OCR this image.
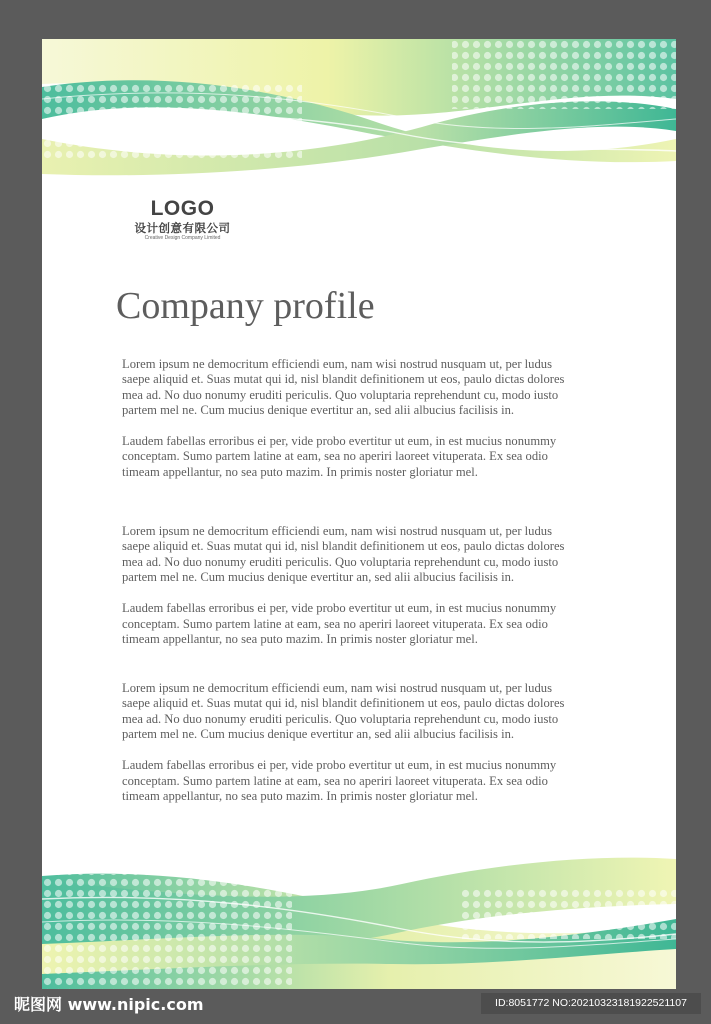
LOGO
设计创意有限公司
Creative Design Company Limited
Company profile

Lorem ipsum ne democritum efficiendi eum, nam wisi nostrud nusquam ut, per ludus
saepe aliquid et. Suas mutat qui id, nisl blandit definitionem ut eos, paulo dictas dolores
mea ad. No duo nonumy eruditi periculis. Quo voluptaria reprehendunt cu, modo iusto
partem mel ne. Cum mucius denique evertitur an, sed alii albucius facilisis in.

Laudem fabellas erroribus ei per, vide probo evertitur ut eum, in est mucius nonummy
conceptam. Sumo partem latine at eam, sea no aperiri laoreet vituperata. Ex sea odio
timeam appellantur, no sea puto mazim. In primis noster gloriatur mel.

Lorem ipsum ne democritum efficiendi eum, nam wisi nostrud nusquam ut, per ludus
saepe aliquid et. Suas mutat qui id, nisl blandit definitionem ut eos, paulo dictas dolores
mea ad. No duo nonumy eruditi periculis. Quo voluptaria reprehendunt cu, modo iusto
partem mel ne. Cum mucius denique evertitur an, sed alii albucius facilisis in.

Laudem fabellas erroribus ei per, vide probo evertitur ut eum, in est mucius nonummy
conceptam. Sumo partem latine at eam, sea no aperiri laoreet vituperata. Ex sea odio
timeam appellantur, no sea puto mazim. In primis noster gloriatur mel.

Lorem ipsum ne democritum efficiendi eum, nam wisi nostrud nusquam ut, per ludus
saepe aliquid et. Suas mutat qui id, nisl blandit definitionem ut eos, paulo dictas dolores
mea ad. No duo nonumy eruditi periculis. Quo voluptaria reprehendunt cu, modo iusto
partem mel ne. Cum mucius denique evertitur an, sed alii albucius facilisis in.

Laudem fabellas erroribus ei per, vide probo evertitur ut eum, in est mucius nonummy
conceptam. Sumo partem latine at eam, sea no aperiri laoreet vituperata. Ex sea odio
timeam appellantur, no sea puto mazim. In primis noster gloriatur mel.

昵图网 www.nipic.com	ID:8051772 NO:20210323181922521107
